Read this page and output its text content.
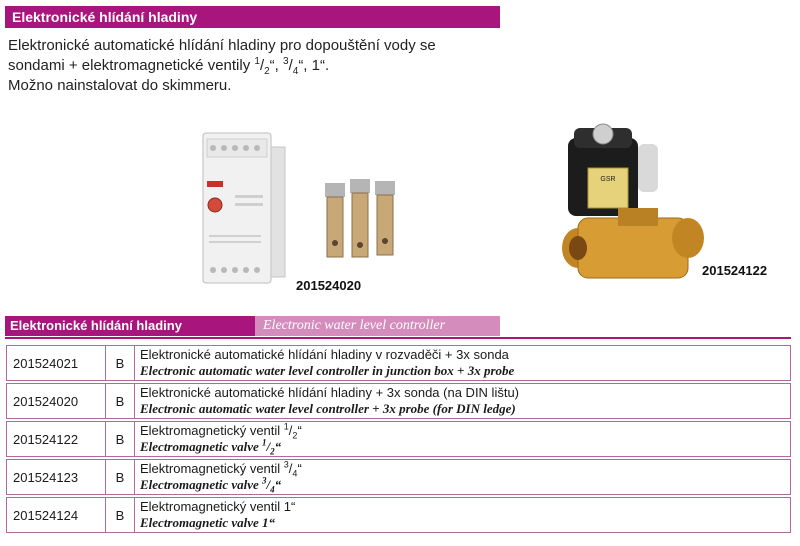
Elektronické hlídání hladiny
Elektronické automatické hlídání hladiny pro dopouštění vody se
sondami + elektromagnetické ventily $^1/_2“$, $^3/_4“$, 1“.
Možno nainstalovat do skimmeru.
201524020
GSR
201524122
Elektronické hlídání hladiny	Electronic water level controller
201524021	B	Elektronické automatické hlídání hladiny v rozvaděči + 3x sonda
Electronic automatic water level controller in junction box + 3x probe

201524020	B	Elektronické automatické hlídání hladiny + 3x sonda (na DIN lištu)
Electronic automatic water level controller + 3x probe (for DIN ledge)

201524122	B	Elektromagnetický ventil $^1/_2“$
Electromagnetic valve $^1/_2“$

201524123	B	Elektromagnetický ventil $^3/_4“$
Electromagnetic valve $^3/_4“$

201524124	B	Elektromagnetický ventil 1“
Electromagnetic valve 1“
